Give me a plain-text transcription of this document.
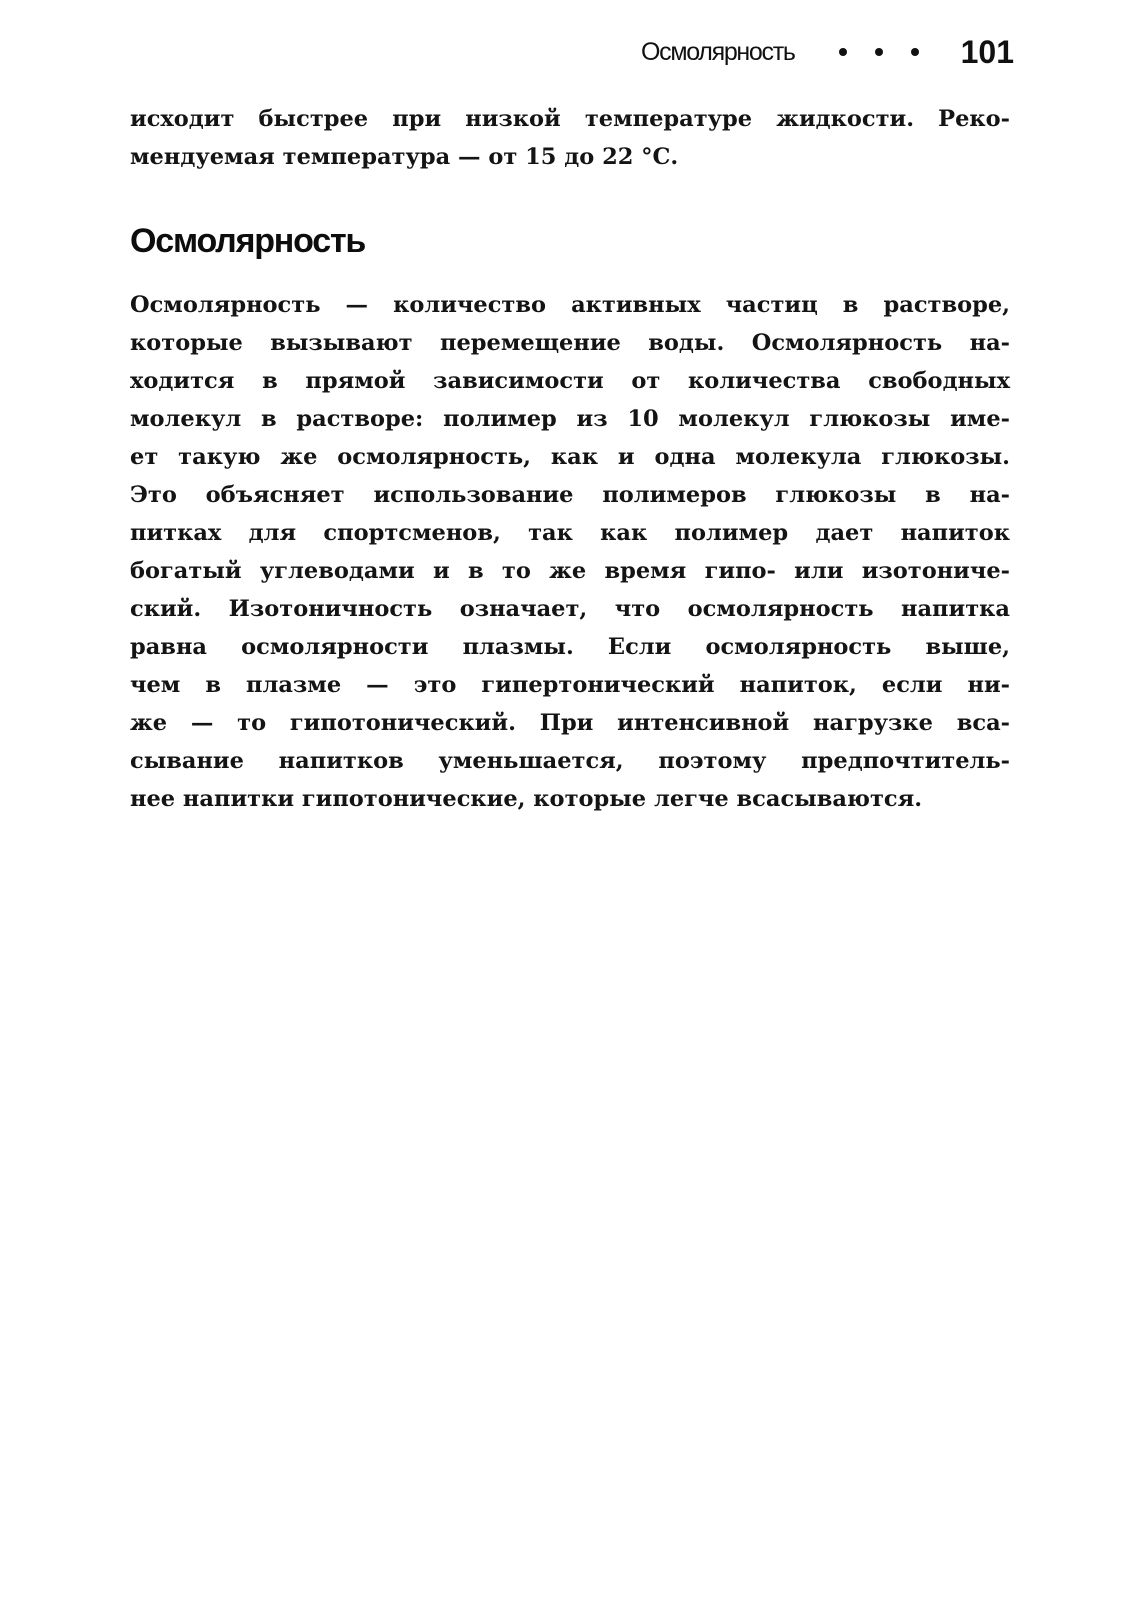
Осмолярность	101

исходит быстрее при низкой температуре жидкости. Реко-
мендуемая температура — от 15 до 22 °С.

Осмолярность

Осмолярность — количество активных частиц в растворе,
которые вызывают перемещение воды. Осмолярность на-
ходится в прямой зависимости от количества свободных
молекул в растворе: полимер из 10 молекул глюкозы име-
ет такую же осмолярность, как и одна молекула глюкозы.
Это объясняет использование полимеров глюкозы в на-
питках для спортсменов, так как полимер дает напиток
богатый углеводами и в то же время гипо- или изотониче-
ский. Изотоничность означает, что осмолярность напитка
равна осмолярности плазмы. Если осмолярность выше,
чем в плазме — это гипертонический напиток, если ни-
же — то гипотонический. При интенсивной нагрузке вса-
сывание напитков уменьшается, поэтому предпочтитель-
нее напитки гипотонические, которые легче всасываются.
